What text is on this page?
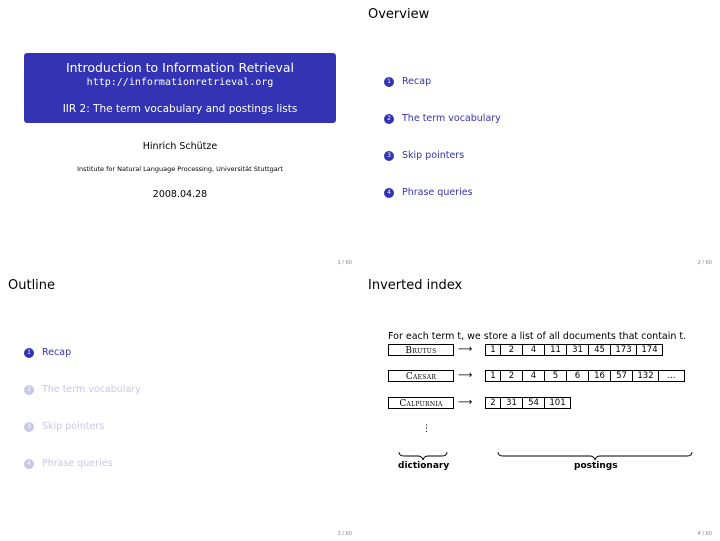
Introduction to Information Retrieval
http://informationretrieval.org
IIR 2: The term vocabulary and postings lists
Hinrich Schütze
Institute for Natural Language Processing, Universität Stuttgart
2008.04.28
1 / 60
Overview
1	Recap
2	The term vocabulary
3	Skip pointers
4	Phrase queries
2 / 60
Outline
1	Recap
2	The term vocabulary
3	Skip pointers
4	Phrase queries
3 / 60
Inverted index
For each term t, we store a list of all documents that contain t.
Brutus	⟶	1	2	4	11	31	45	173	174
Caesar	⟶	1	2	4	5	6	16	57	132	...
Calpurnia	⟶	2	31	54	101
⋮
dictionary	postings
4 / 60
